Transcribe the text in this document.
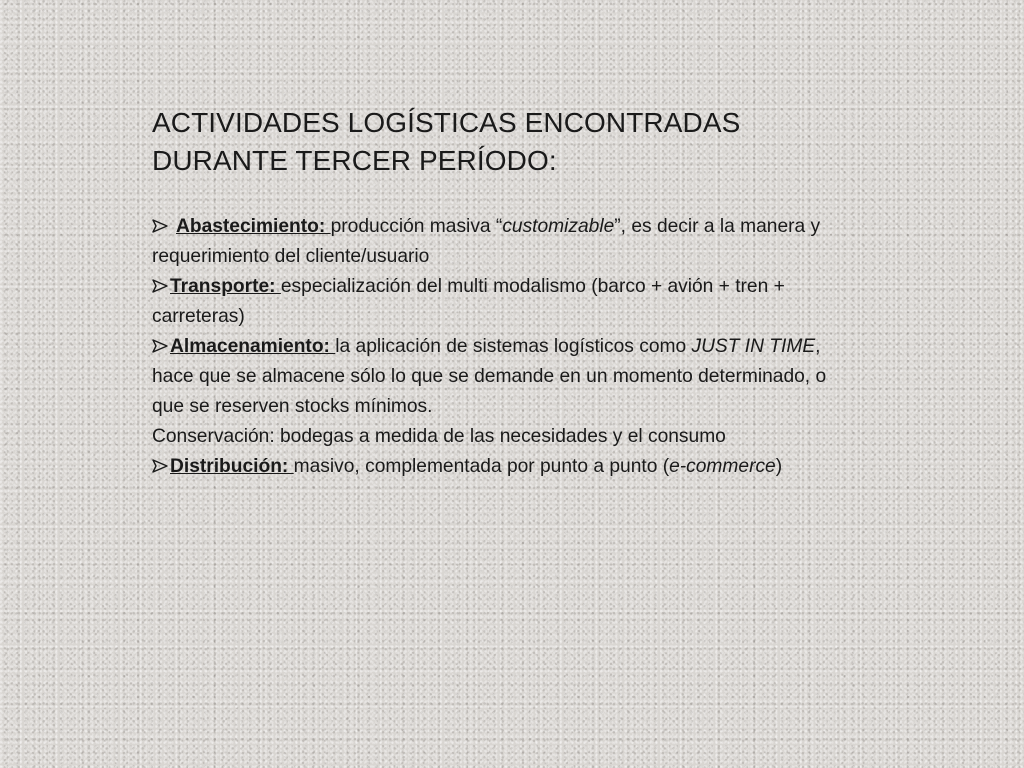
ACTIVIDADES LOGÍSTICAS ENCONTRADAS DURANTE TERCER PERÍODO:

Abastecimiento: producción masiva “customizable”, es decir a la manera y requerimiento del cliente/usuario

Transporte: especialización del multi modalismo (barco + avión + tren + carreteras)

Almacenamiento: la aplicación de sistemas logísticos como JUST IN TIME, hace que se almacene sólo lo que se demande en un momento determinado, o que se reserven stocks mínimos.

Conservación: bodegas a medida de las necesidades y el consumo

Distribución: masivo, complementada por punto a punto (e-commerce)
